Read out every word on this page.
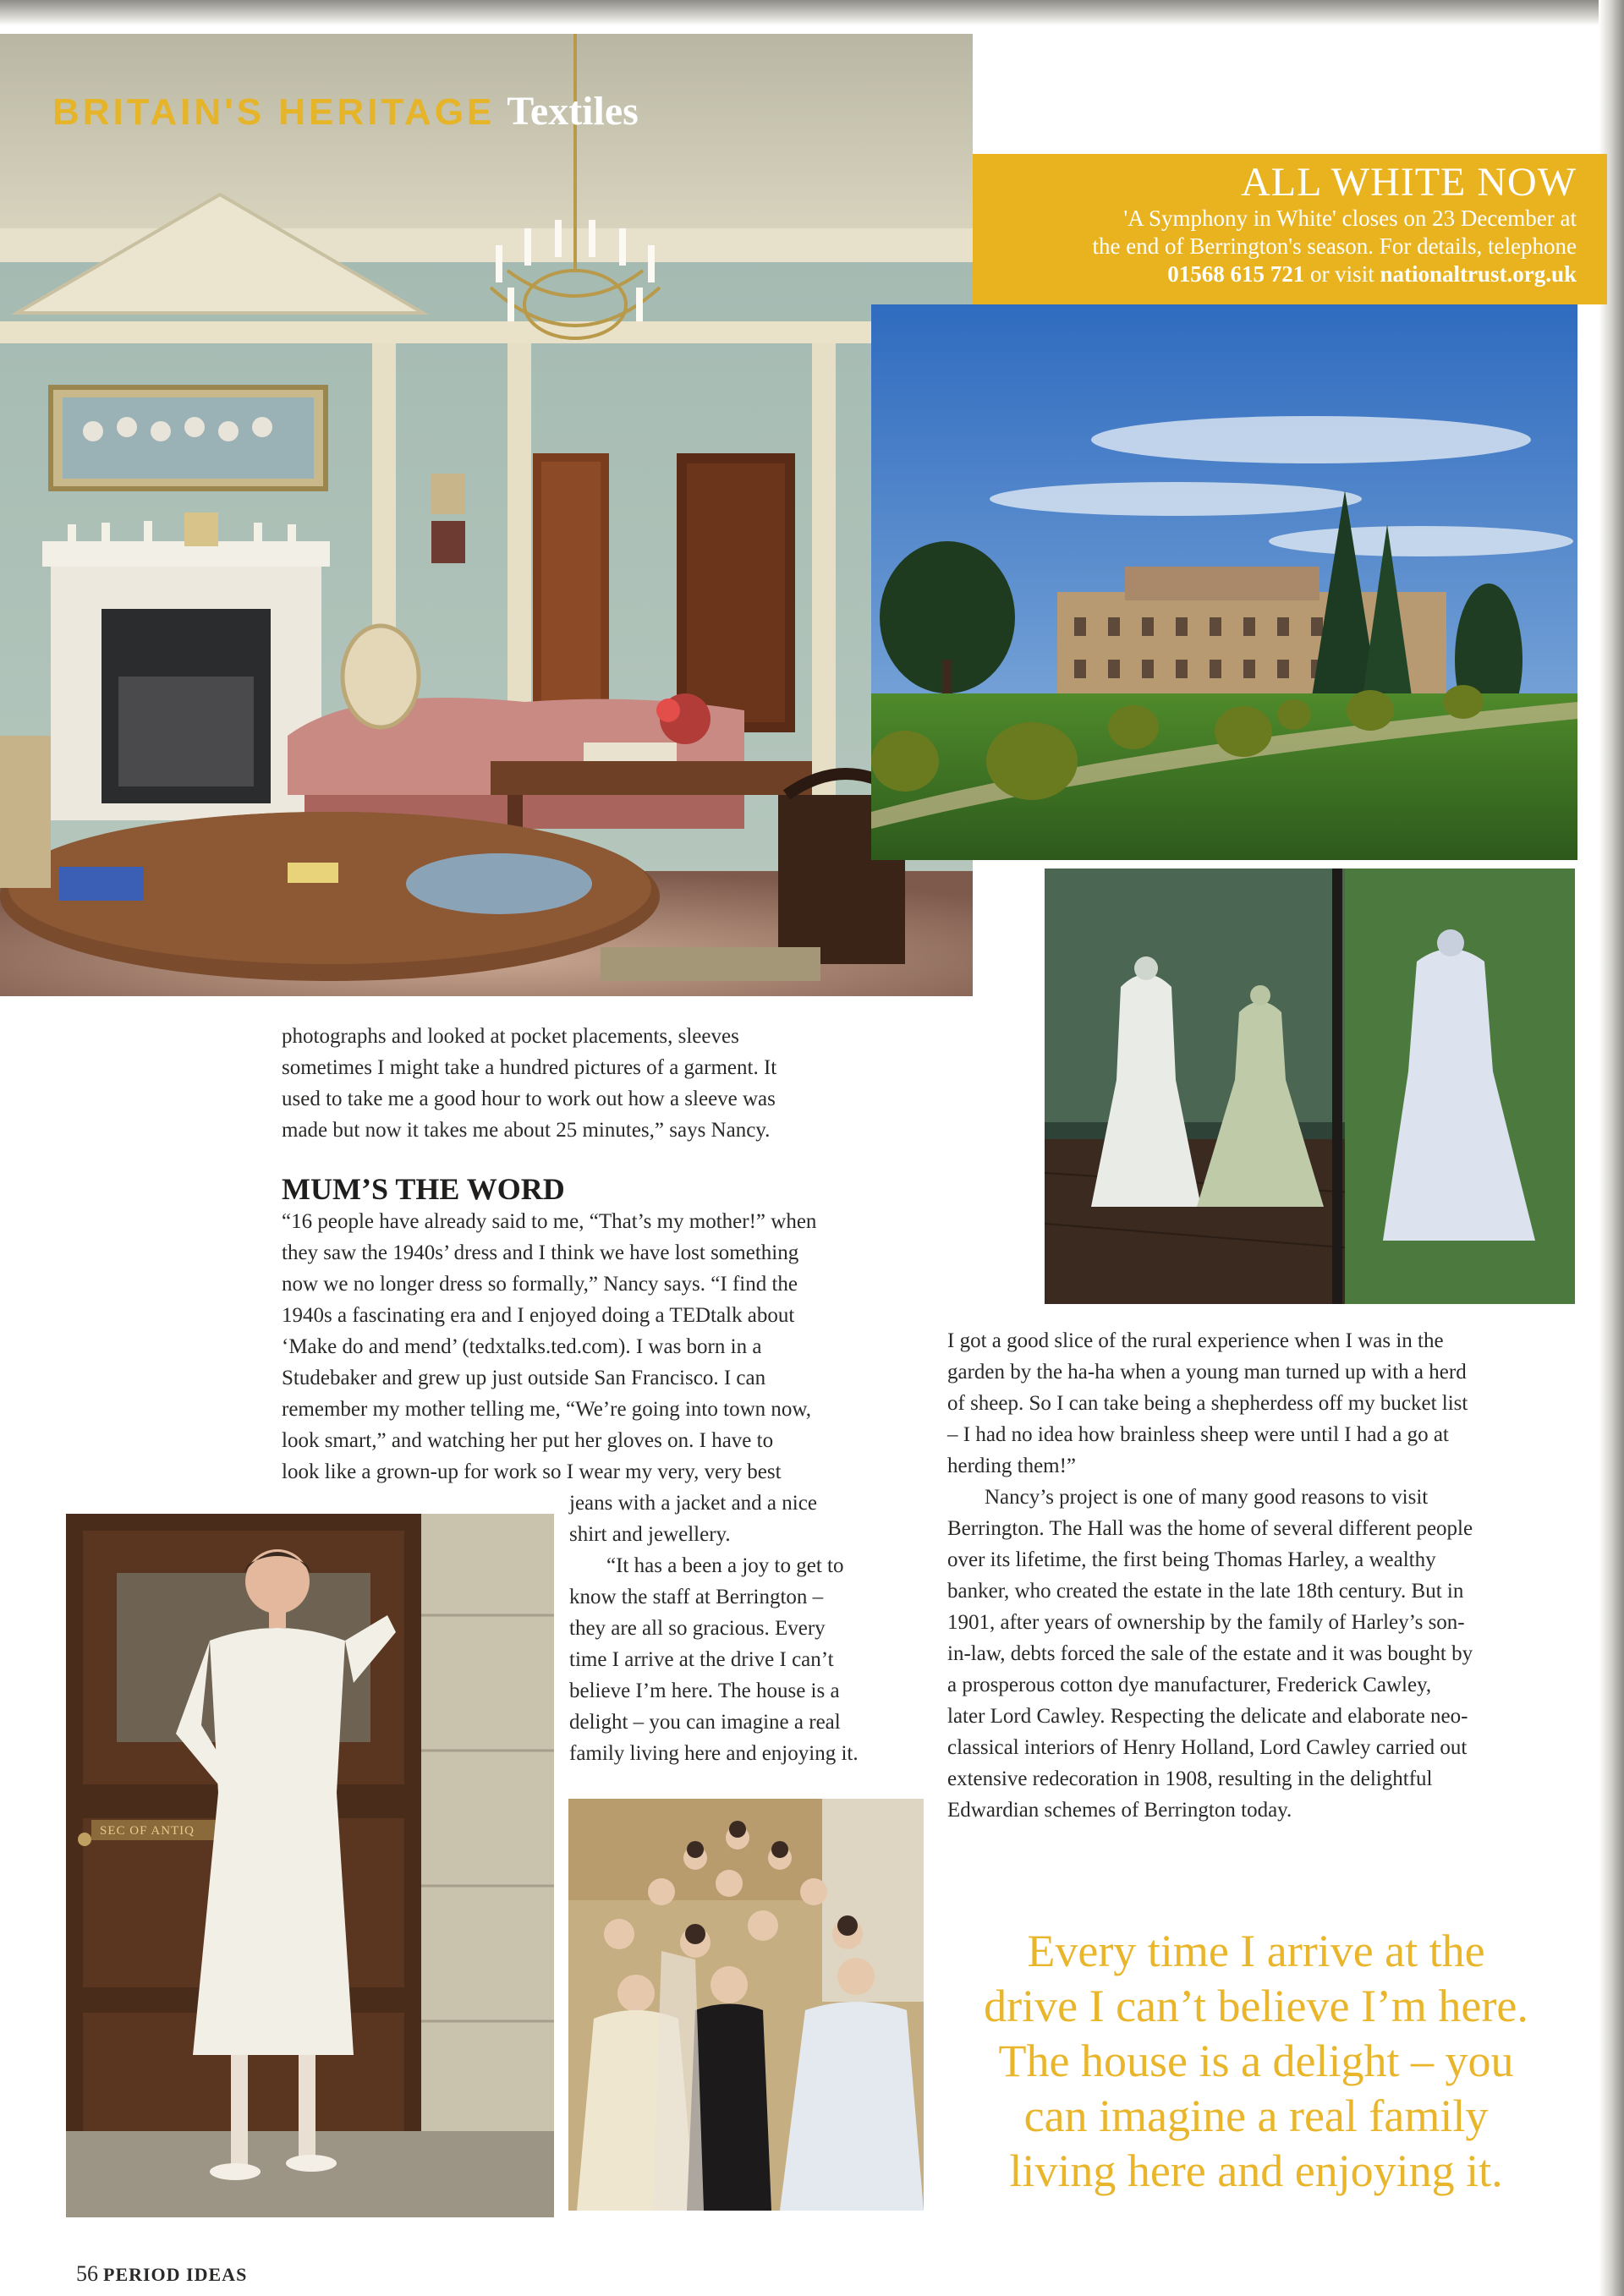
BRITAIN'S HERITAGE Textiles
ALL WHITE NOW
'A Symphony in White' closes on 23 December at
the end of Berrington's season. For details, telephone
01568 615 721 or visit nationaltrust.org.uk
SEC OF ANTIQ

photographs and looked at pocket placements, sleeves

sometimes I might take a hundred pictures of a garment. It

used to take me a good hour to work out how a sleeve was

made but now it takes me about 25 minutes,” says Nancy.

MUM’S THE WORD

“16 people have already said to me, “That’s my mother!” when

they saw the 1940s’ dress and I think we have lost something

now we no longer dress so formally,” Nancy says. “I find the

1940s a fascinating era and I enjoyed doing a TEDtalk about

‘Make do and mend’ (tedxtalks.ted.com). I was born in a

Studebaker and grew up just outside San Francisco. I can

remember my mother telling me, “We’re going into town now,

look smart,” and watching her put her gloves on. I have to

look like a grown-up for work so I wear my very, very best

jeans with a jacket and a nice

shirt and jewellery.

“It has a been a joy to get to

know the staff at Berrington –

they are all so gracious. Every

time I arrive at the drive I can’t

believe I’m here. The house is a

delight – you can imagine a real

family living here and enjoying it.

I got a good slice of the rural experience when I was in the

garden by the ha-ha when a young man turned up with a herd

of sheep. So I can take being a shepherdess off my bucket list

– I had no idea how brainless sheep were until I had a go at

herding them!”

Nancy’s project is one of many good reasons to visit

Berrington. The Hall was the home of several different people

over its lifetime, the first being Thomas Harley, a wealthy

banker, who created the estate in the late 18th century. But in

1901, after years of ownership by the family of Harley’s son-

in-law, debts forced the sale of the estate and it was bought by

a prosperous cotton dye manufacturer, Frederick Cawley,

later Lord Cawley. Respecting the delicate and elaborate neo-

classical interiors of Henry Holland, Lord Cawley carried out

extensive redecoration in 1908, resulting in the delightful

Edwardian schemes of Berrington today.

Every time I arrive at the
drive I can’t believe I’m here.
The house is a delight – you
can imagine a real family
living here and enjoying it.
56 PERIOD IDEAS
